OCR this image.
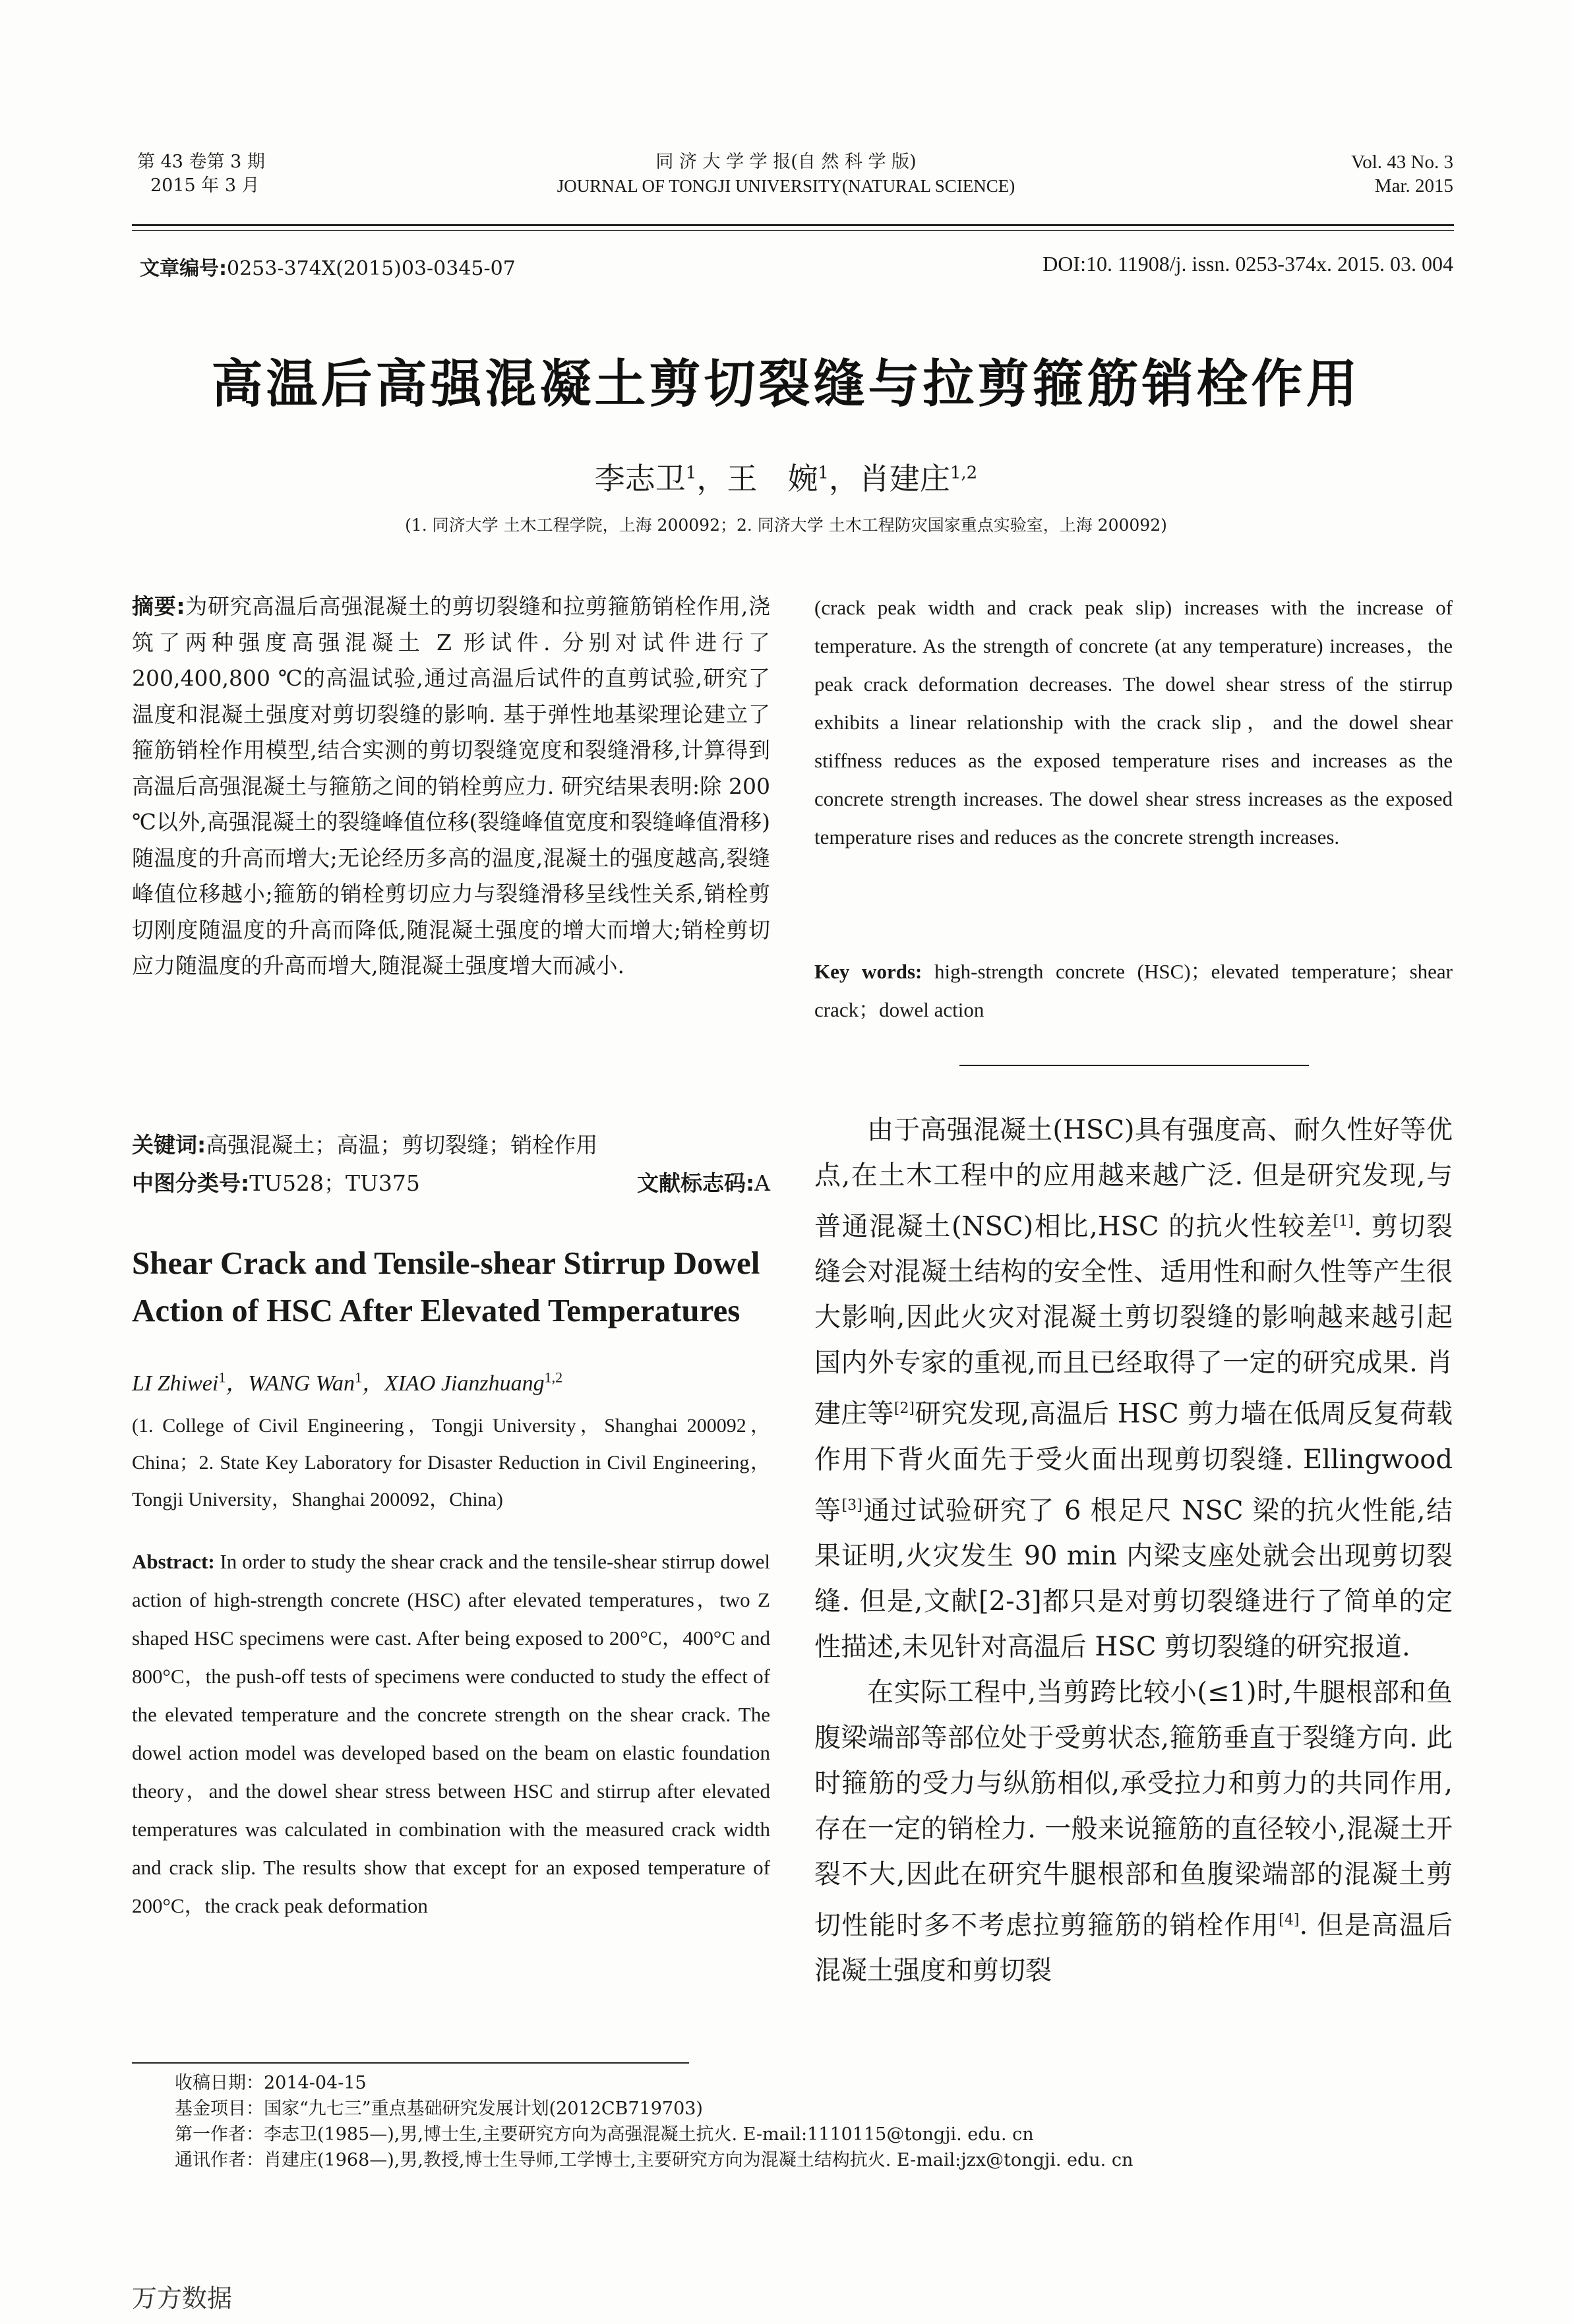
第 43 卷第 3 期
2015 年 3 月
同 济 大 学 学 报(自 然 科 学 版)
JOURNAL OF TONGJI UNIVERSITY(NATURAL SCIENCE)
Vol. 43 No. 3
Mar. 2015
文章编号:0253-374X(2015)03-0345-07	DOI:10. 11908/j. issn. 0253-374x. 2015. 03. 004
高温后高强混凝土剪切裂缝与拉剪箍筋销栓作用
李志卫$^1$，王　婉$^1$，肖建庄$^{1,2}$
(1. 同济大学 土木工程学院，上海 200092；2. 同济大学 土木工程防灾国家重点实验室，上海 200092)
摘要:为研究高温后高强混凝土的剪切裂缝和拉剪箍筋销栓作用,浇筑了两种强度高强混凝土 Z 形试件. 分别对试件进行了 200,400,800 ℃的高温试验,通过高温后试件的直剪试验,研究了温度和混凝土强度对剪切裂缝的影响. 基于弹性地基梁理论建立了箍筋销栓作用模型,结合实测的剪切裂缝宽度和裂缝滑移,计算得到高温后高强混凝土与箍筋之间的销栓剪应力. 研究结果表明:除 200 ℃以外,高强混凝土的裂缝峰值位移(裂缝峰值宽度和裂缝峰值滑移)随温度的升高而增大;无论经历多高的温度,混凝土的强度越高,裂缝峰值位移越小;箍筋的销栓剪切应力与裂缝滑移呈线性关系,销栓剪切刚度随温度的升高而降低,随混凝土强度的增大而增大;销栓剪切应力随温度的升高而增大,随混凝土强度增大而减小.
关键词:高强混凝土；高温；剪切裂缝；销栓作用
中图分类号:TU528；TU375	文献标志码:A
Shear Crack and Tensile-shear Stirrup Dowel Action of HSC After Elevated Temperatures
LI Zhiwei$^1$，WANG Wan$^1$，XIAO Jianzhuang$^{1,2}$
(1. College of Civil Engineering，Tongji University，Shanghai 200092，China；2. State Key Laboratory for Disaster Reduction in Civil Engineering，Tongji University，Shanghai 200092，China)
Abstract: In order to study the shear crack and the tensile-shear stirrup dowel action of high-strength concrete (HSC) after elevated temperatures，two Z shaped HSC specimens were cast. After being exposed to 200°C，400°C and 800°C，the push-off tests of specimens were conducted to study the effect of the elevated temperature and the concrete strength on the shear crack. The dowel action model was developed based on the beam on elastic foundation theory，and the dowel shear stress between HSC and stirrup after elevated temperatures was calculated in combination with the measured crack width and crack slip. The results show that except for an exposed temperature of 200°C，the crack peak deformation
(crack peak width and crack peak slip) increases with the increase of temperature. As the strength of concrete (at any temperature) increases，the peak crack deformation decreases. The dowel shear stress of the stirrup exhibits a linear relationship with the crack slip，and the dowel shear stiffness reduces as the exposed temperature rises and increases as the concrete strength increases. The dowel shear stress increases as the exposed temperature rises and reduces as the concrete strength increases.
Key words: high-strength concrete (HSC)；elevated temperature；shear crack；dowel action

由于高强混凝土(HSC)具有强度高、耐久性好等优点,在土木工程中的应用越来越广泛. 但是研究发现,与普通混凝土(NSC)相比,HSC 的抗火性较差[1]. 剪切裂缝会对混凝土结构的安全性、适用性和耐久性等产生很大影响,因此火灾对混凝土剪切裂缝的影响越来越引起国内外专家的重视,而且已经取得了一定的研究成果. 肖建庄等[2]研究发现,高温后 HSC 剪力墙在低周反复荷载作用下背火面先于受火面出现剪切裂缝. Ellingwood 等[3]通过试验研究了 6 根足尺 NSC 梁的抗火性能,结果证明,火灾发生 90 min 内梁支座处就会出现剪切裂缝. 但是,文献[2-3]都只是对剪切裂缝进行了简单的定性描述,未见针对高温后 HSC 剪切裂缝的研究报道.

在实际工程中,当剪跨比较小(≤1)时,牛腿根部和鱼腹梁端部等部位处于受剪状态,箍筋垂直于裂缝方向. 此时箍筋的受力与纵筋相似,承受拉力和剪力的共同作用,存在一定的销栓力. 一般来说箍筋的直径较小,混凝土开裂不大,因此在研究牛腿根部和鱼腹梁端部的混凝土剪切性能时多不考虑拉剪箍筋的销栓作用[4]. 但是高温后混凝土强度和剪切裂

收稿日期：2014-04-15
基金项目：国家“九七三”重点基础研究发展计划(2012CB719703)
第一作者：李志卫(1985—),男,博士生,主要研究方向为高强混凝土抗火. E-mail:1110115@tongji. edu. cn
通讯作者：肖建庄(1968—),男,教授,博士生导师,工学博士,主要研究方向为混凝土结构抗火. E-mail:jzx@tongji. edu. cn
万方数据
